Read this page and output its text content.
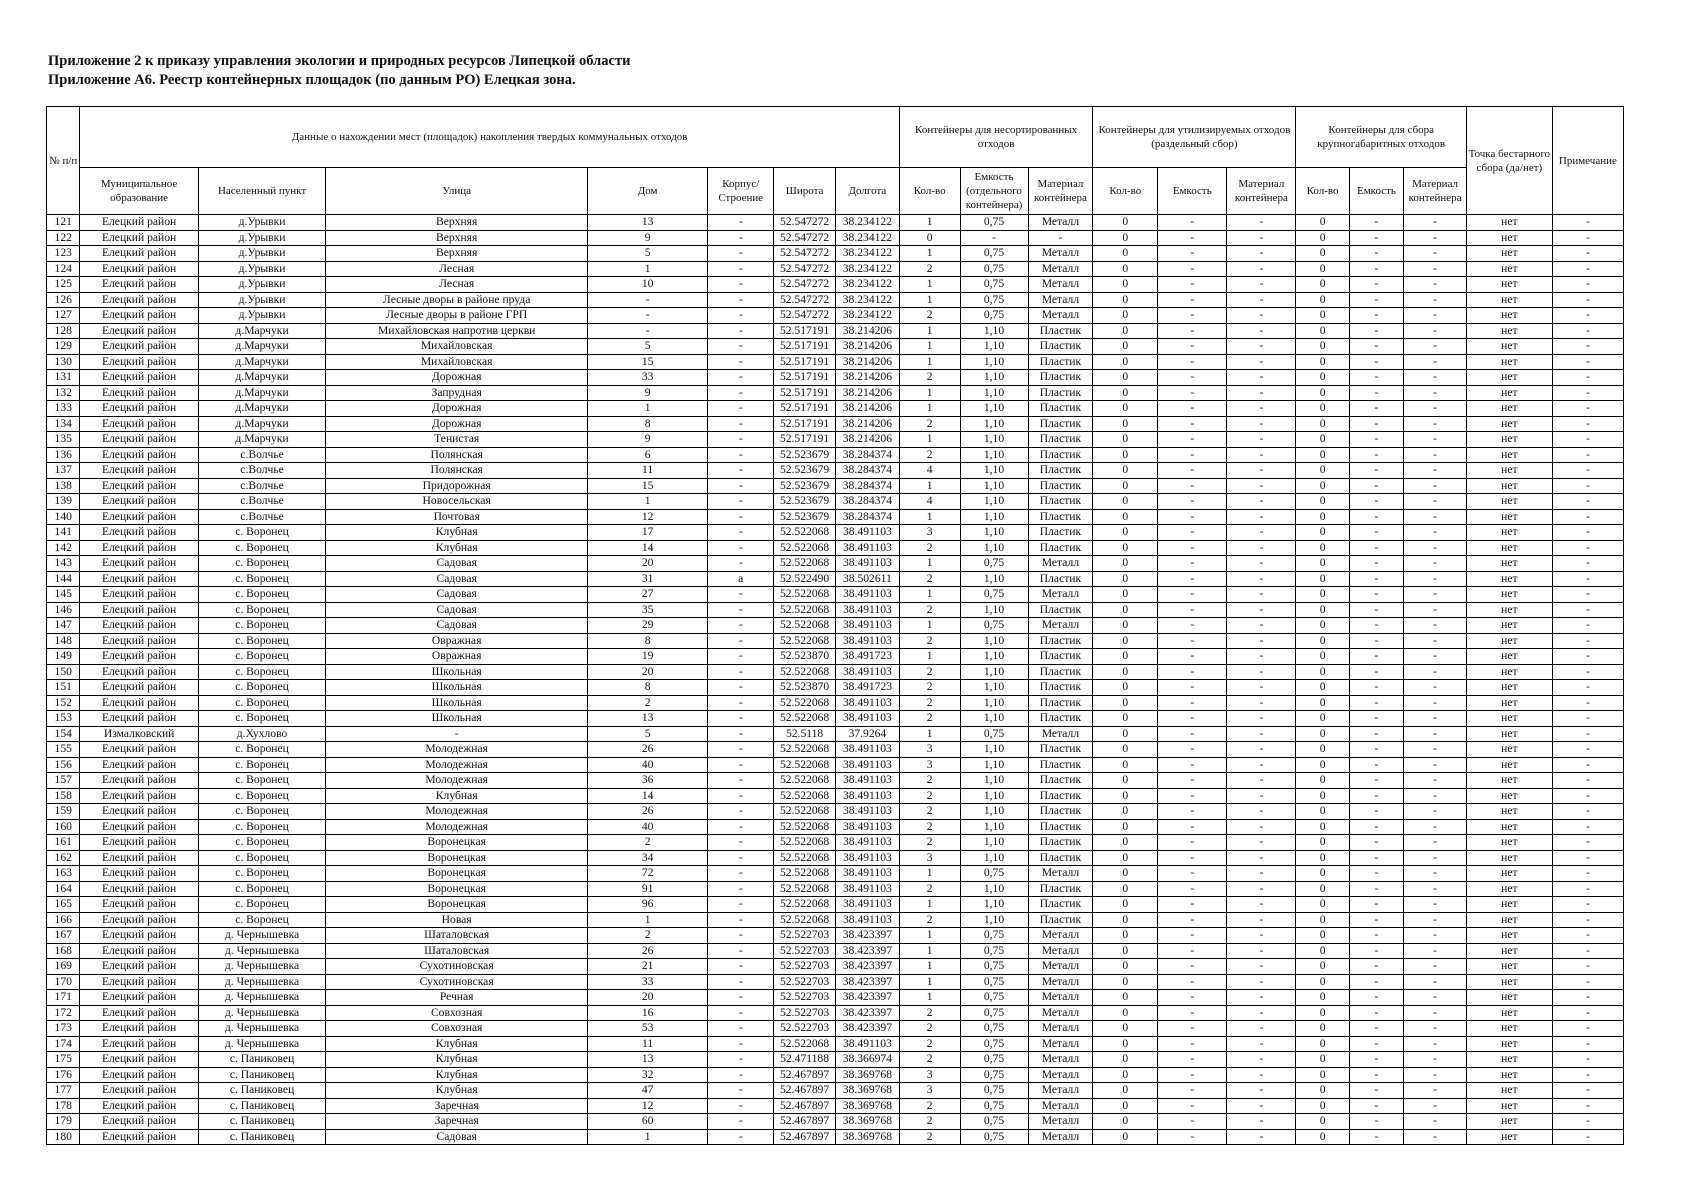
Приложение 2 к приказу управления экологии и природных ресурсов Липецкой области
Приложение А6. Реестр контейнерных площадок (по данным РО) Елецкая зона.
№ п/п	Данные о нахождении мест (площадок) накопления твердых коммунальных отходов							Контейнеры для несортированных отходов			Контейнеры для утилизируемых отходов (раздельный сбор)			Контейнеры для сбора крупногабаритных отходов			Точка бестарного сбора (да/нет)	Примечание
	Муниципальное образование	Населенный пункт	Улица	Дом	Корпус/ Строение	Широта	Долгота	Кол-во	Емкость (отдельного контейнера)	Материал контейнера	Кол-во	Емкость	Материал контейнера	Кол-во	Емкость	Материал контейнера		
121	Елецкий район	д.Урывки	Верхняя	13	-	52.547272	38.234122	1	0,75	Металл	0	-	-	0	-	-	нет	-
122	Елецкий район	д.Урывки	Верхняя	9	-	52.547272	38.234122	0	-	-	0	-	-	0	-	-	нет	-
123	Елецкий район	д.Урывки	Верхняя	5	-	52.547272	38.234122	1	0,75	Металл	0	-	-	0	-	-	нет	-
124	Елецкий район	д.Урывки	Лесная	1	-	52.547272	38.234122	2	0,75	Металл	0	-	-	0	-	-	нет	-
125	Елецкий район	д.Урывки	Лесная	10	-	52.547272	38.234122	1	0,75	Металл	0	-	-	0	-	-	нет	-
126	Елецкий район	д.Урывки	Лесные дворы в районе пруда	-	-	52.547272	38.234122	1	0,75	Металл	0	-	-	0	-	-	нет	-
127	Елецкий район	д.Урывки	Лесные дворы в районе ГРП	-	-	52.547272	38.234122	2	0,75	Металл	0	-	-	0	-	-	нет	-
128	Елецкий район	д.Марчуки	Михайловская напротив церкви	-	-	52.517191	38.214206	1	1,10	Пластик	0	-	-	0	-	-	нет	-
129	Елецкий район	д.Марчуки	Михайловская	5	-	52.517191	38.214206	1	1,10	Пластик	0	-	-	0	-	-	нет	-
130	Елецкий район	д.Марчуки	Михайловская	15	-	52.517191	38.214206	1	1,10	Пластик	0	-	-	0	-	-	нет	-
131	Елецкий район	д.Марчуки	Дорожная	33	-	52.517191	38.214206	2	1,10	Пластик	0	-	-	0	-	-	нет	-
132	Елецкий район	д.Марчуки	Запрудная	9	-	52.517191	38.214206	1	1,10	Пластик	0	-	-	0	-	-	нет	-
133	Елецкий район	д.Марчуки	Дорожная	1	-	52.517191	38.214206	1	1,10	Пластик	0	-	-	0	-	-	нет	-
134	Елецкий район	д.Марчуки	Дорожная	8	-	52.517191	38.214206	2	1,10	Пластик	0	-	-	0	-	-	нет	-
135	Елецкий район	д.Марчуки	Тенистая	9	-	52.517191	38.214206	1	1,10	Пластик	0	-	-	0	-	-	нет	-
136	Елецкий район	с.Волчье	Полянская	6	-	52.523679	38.284374	2	1,10	Пластик	0	-	-	0	-	-	нет	-
137	Елецкий район	с.Волчье	Полянская	11	-	52.523679	38.284374	4	1,10	Пластик	0	-	-	0	-	-	нет	-
138	Елецкий район	с.Волчье	Придорожная	15	-	52.523679	38.284374	1	1,10	Пластик	0	-	-	0	-	-	нет	-
139	Елецкий район	с.Волчье	Новосельская	1	-	52.523679	38.284374	4	1,10	Пластик	0	-	-	0	-	-	нет	-
140	Елецкий район	с.Волчье	Почтовая	12	-	52.523679	38.284374	1	1,10	Пластик	0	-	-	0	-	-	нет	-
141	Елецкий район	с. Воронец	Клубная	17	-	52.522068	38.491103	3	1,10	Пластик	0	-	-	0	-	-	нет	-
142	Елецкий район	с. Воронец	Клубная	14	-	52.522068	38.491103	2	1,10	Пластик	0	-	-	0	-	-	нет	-
143	Елецкий район	с. Воронец	Садовая	20	-	52.522068	38.491103	1	0,75	Металл	0	-	-	0	-	-	нет	-
144	Елецкий район	с. Воронец	Садовая	31	а	52.522490	38.502611	2	1,10	Пластик	0	-	-	0	-	-	нет	-
145	Елецкий район	с. Воронец	Садовая	27	-	52.522068	38.491103	1	0,75	Металл	0	-	-	0	-	-	нет	-
146	Елецкий район	с. Воронец	Садовая	35	-	52.522068	38.491103	2	1,10	Пластик	0	-	-	0	-	-	нет	-
147	Елецкий район	с. Воронец	Садовая	29	-	52.522068	38.491103	1	0,75	Металл	0	-	-	0	-	-	нет	-
148	Елецкий район	с. Воронец	Овражная	8	-	52.522068	38.491103	2	1,10	Пластик	0	-	-	0	-	-	нет	-
149	Елецкий район	с. Воронец	Овражная	19	-	52.523870	38.491723	1	1,10	Пластик	0	-	-	0	-	-	нет	-
150	Елецкий район	с. Воронец	Школьная	20	-	52.522068	38.491103	2	1,10	Пластик	0	-	-	0	-	-	нет	-
151	Елецкий район	с. Воронец	Школьная	8	-	52.523870	38.491723	2	1,10	Пластик	0	-	-	0	-	-	нет	-
152	Елецкий район	с. Воронец	Школьная	2	-	52.522068	38.491103	2	1,10	Пластик	0	-	-	0	-	-	нет	-
153	Елецкий район	с. Воронец	Школьная	13	-	52.522068	38.491103	2	1,10	Пластик	0	-	-	0	-	-	нет	-
154	Измалковский	д.Хухлово	-	5	-	52.5118	37.9264	1	0,75	Металл	0	-	-	0	-	-	нет	-
155	Елецкий район	с. Воронец	Молодежная	26	-	52.522068	38.491103	3	1,10	Пластик	0	-	-	0	-	-	нет	-
156	Елецкий район	с. Воронец	Молодежная	40	-	52.522068	38.491103	3	1,10	Пластик	0	-	-	0	-	-	нет	-
157	Елецкий район	с. Воронец	Молодежная	36	-	52.522068	38.491103	2	1,10	Пластик	0	-	-	0	-	-	нет	-
158	Елецкий район	с. Воронец	Клубная	14	-	52.522068	38.491103	2	1,10	Пластик	0	-	-	0	-	-	нет	-
159	Елецкий район	с. Воронец	Молодежная	26	-	52.522068	38.491103	2	1,10	Пластик	0	-	-	0	-	-	нет	-
160	Елецкий район	с. Воронец	Молодежная	40	-	52.522068	38.491103	2	1,10	Пластик	0	-	-	0	-	-	нет	-
161	Елецкий район	с. Воронец	Воронецкая	2	-	52.522068	38.491103	2	1,10	Пластик	0	-	-	0	-	-	нет	-
162	Елецкий район	с. Воронец	Воронецкая	34	-	52.522068	38.491103	3	1,10	Пластик	0	-	-	0	-	-	нет	-
163	Елецкий район	с. Воронец	Воронецкая	72	-	52.522068	38.491103	1	0,75	Металл	0	-	-	0	-	-	нет	-
164	Елецкий район	с. Воронец	Воронецкая	91	-	52.522068	38.491103	2	1,10	Пластик	0	-	-	0	-	-	нет	-
165	Елецкий район	с. Воронец	Воронецкая	96	-	52.522068	38.491103	1	1,10	Пластик	0	-	-	0	-	-	нет	-
166	Елецкий район	с. Воронец	Новая	1	-	52.522068	38.491103	2	1,10	Пластик	0	-	-	0	-	-	нет	-
167	Елецкий район	д. Чернышевка	Шаталовская	2	-	52.522703	38.423397	1	0,75	Металл	0	-	-	0	-	-	нет	-
168	Елецкий район	д. Чернышевка	Шаталовская	26	-	52.522703	38.423397	1	0,75	Металл	0	-	-	0	-	-	нет	-
169	Елецкий район	д. Чернышевка	Сухотиновская	21	-	52.522703	38.423397	1	0,75	Металл	0	-	-	0	-	-	нет	-
170	Елецкий район	д. Чернышевка	Сухотиновская	33	-	52.522703	38.423397	1	0,75	Металл	0	-	-	0	-	-	нет	-
171	Елецкий район	д. Чернышевка	Речная	20	-	52.522703	38.423397	1	0,75	Металл	0	-	-	0	-	-	нет	-
172	Елецкий район	д. Чернышевка	Совхозная	16	-	52.522703	38.423397	2	0,75	Металл	0	-	-	0	-	-	нет	-
173	Елецкий район	д. Чернышевка	Совхозная	53	-	52.522703	38.423397	2	0,75	Металл	0	-	-	0	-	-	нет	-
174	Елецкий район	д. Чернышевка	Клубная	11	-	52.522068	38.491103	2	0,75	Металл	0	-	-	0	-	-	нет	-
175	Елецкий район	с. Паниковец	Клубная	13	-	52.471188	38.366974	2	0,75	Металл	0	-	-	0	-	-	нет	-
176	Елецкий район	с. Паниковец	Клубная	32	-	52.467897	38.369768	3	0,75	Металл	0	-	-	0	-	-	нет	-
177	Елецкий район	с. Паниковец	Клубная	47	-	52.467897	38.369768	3	0,75	Металл	0	-	-	0	-	-	нет	-
178	Елецкий район	с. Паниковец	Заречная	12	-	52.467897	38.369768	2	0,75	Металл	0	-	-	0	-	-	нет	-
179	Елецкий район	с. Паниковец	Заречная	60	-	52.467897	38.369768	2	0,75	Металл	0	-	-	0	-	-	нет	-
180	Елецкий район	с. Паниковец	Садовая	1	-	52.467897	38.369768	2	0,75	Металл	0	-	-	0	-	-	нет	-
